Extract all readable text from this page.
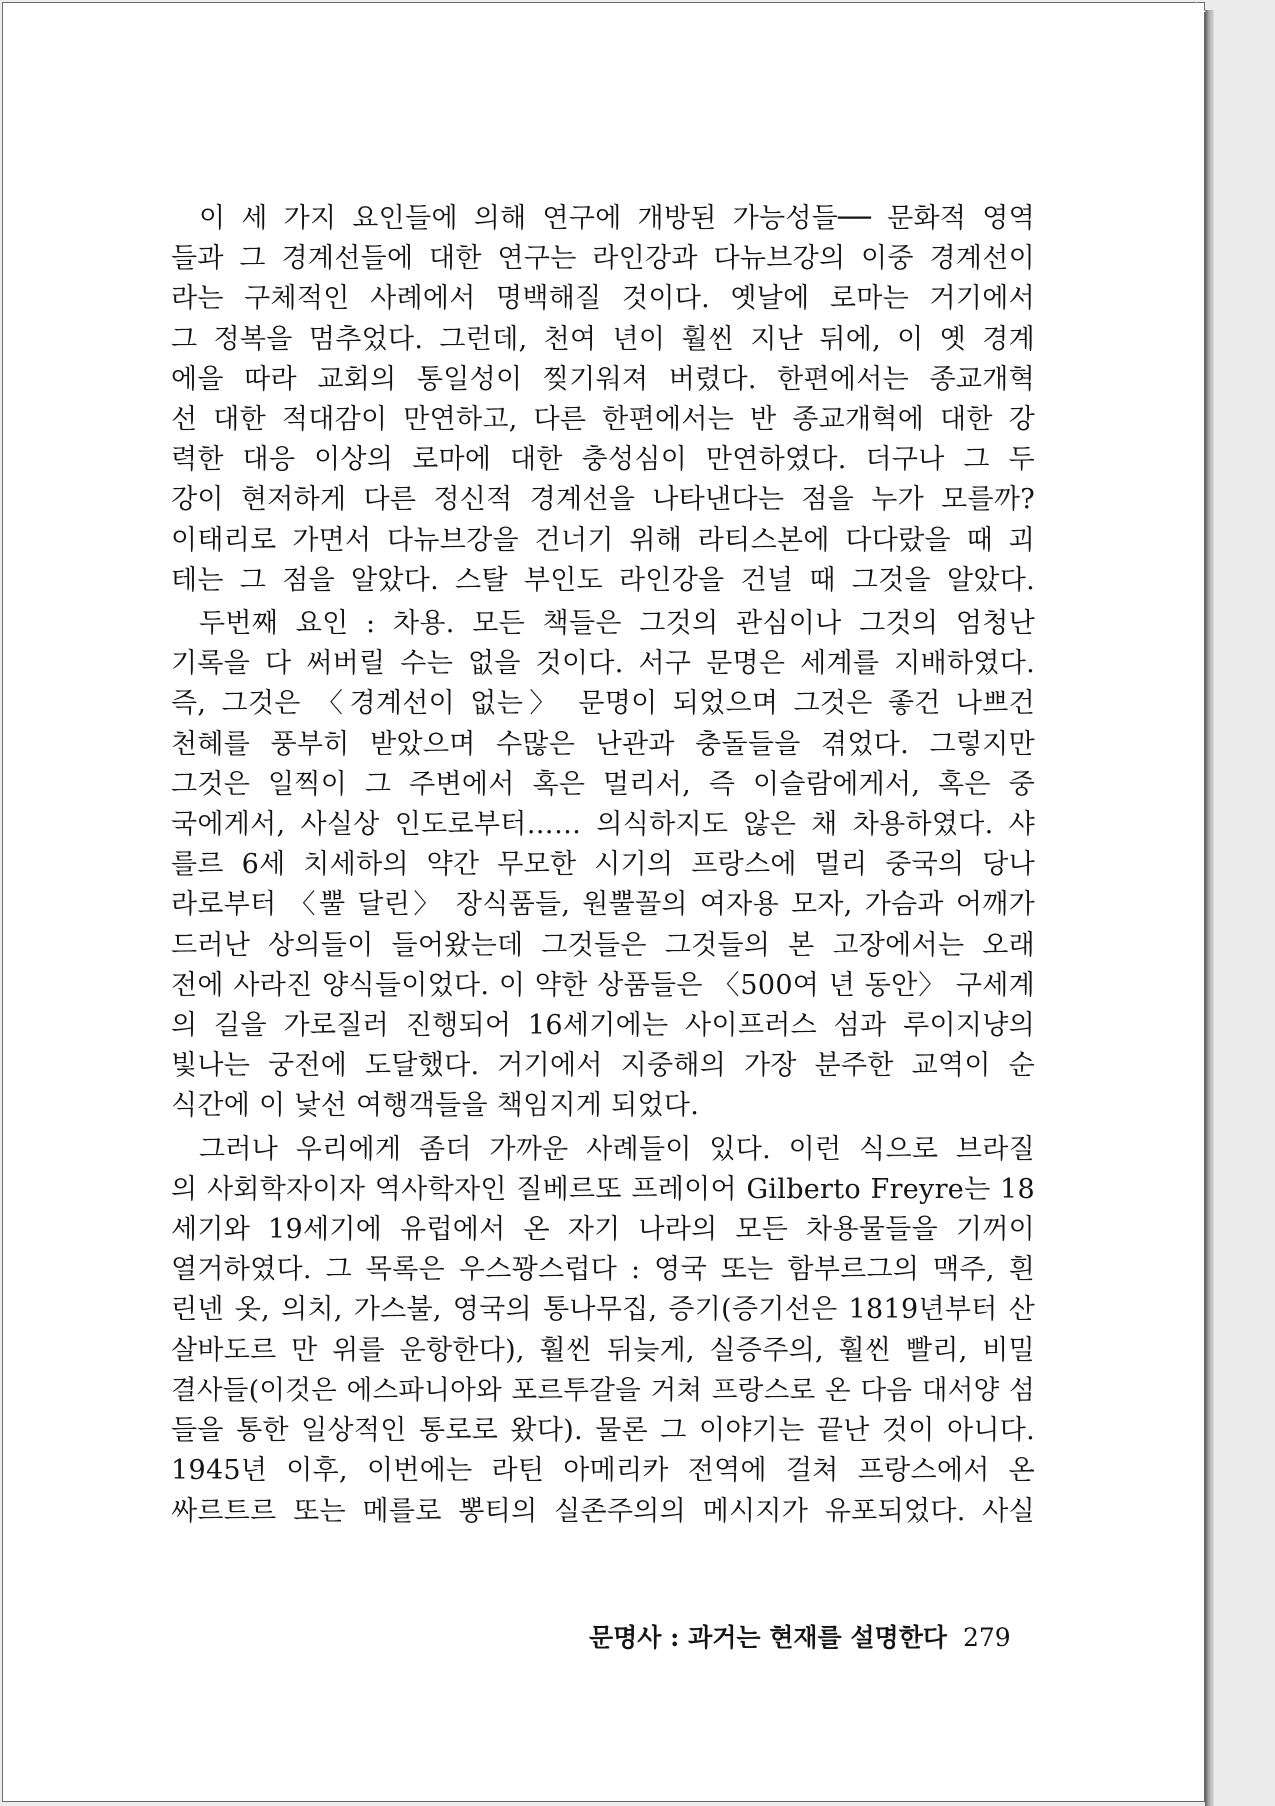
이 세 가지 요인들에 의해 연구에 개방된 가능성들── 문화적 영역
들과 그 경계선들에 대한 연구는 라인강과 다뉴브강의 이중 경계선이
라는 구체적인 사례에서 명백해질 것이다. 옛날에 로마는 거기에서
그 정복을 멈추었다. 그런데, 천여 년이 훨씬 지난 뒤에, 이 옛 경계
에을 따라 교회의 통일성이 찢기워져 버렸다. 한편에서는 종교개혁
선 대한 적대감이 만연하고, 다른 한편에서는 반 종교개혁에 대한 강
력한 대응 이상의 로마에 대한 충성심이 만연하였다. 더구나 그 두
강이 현저하게 다른 정신적 경계선을 나타낸다는 점을 누가 모를까?
이태리로 가면서 다뉴브강을 건너기 위해 라티스본에 다다랐을 때 괴
테는 그 점을 알았다. 스탈 부인도 라인강을 건널 때 그것을 알았다.
두번째 요인 : 차용. 모든 책들은 그것의 관심이나 그것의 엄청난
기록을 다 써버릴 수는 없을 것이다. 서구 문명은 세계를 지배하였다.
즉, 그것은 〈경계선이 없는〉 문명이 되었으며 그것은 좋건 나쁘건
천혜를 풍부히 받았으며 수많은 난관과 충돌들을 겪었다. 그렇지만
그것은 일찍이 그 주변에서 혹은 멀리서, 즉 이슬람에게서, 혹은 중
국에게서, 사실상 인도로부터…… 의식하지도 않은 채 차용하였다. 샤
를르 6세 치세하의 약간 무모한 시기의 프랑스에 멀리 중국의 당나
라로부터 〈뿔 달린〉 장식품들, 원뿔꼴의 여자용 모자, 가슴과 어깨가
드러난 상의들이 들어왔는데 그것들은 그것들의 본 고장에서는 오래
전에 사라진 양식들이었다. 이 약한 상품들은 〈500여 년 동안〉 구세계
의 길을 가로질러 진행되어 16세기에는 사이프러스 섬과 루이지냥의
빛나는 궁전에 도달했다. 거기에서 지중해의 가장 분주한 교역이 순
식간에 이 낯선 여행객들을 책임지게 되었다.
그러나 우리에게 좀더 가까운 사례들이 있다. 이런 식으로 브라질
의 사회학자이자 역사학자인 질베르또 프레이어 Gilberto Freyre는 18
세기와 19세기에 유럽에서 온 자기 나라의 모든 차용물들을 기꺼이
열거하였다. 그 목록은 우스꽝스럽다 : 영국 또는 함부르그의 맥주, 흰
린넨 옷, 의치, 가스불, 영국의 통나무집, 증기(증기선은 1819년부터 산
살바도르 만 위를 운항한다), 훨씬 뒤늦게, 실증주의, 훨씬 빨리, 비밀
결사들(이것은 에스파니아와 포르투갈을 거쳐 프랑스로 온 다음 대서양 섬
들을 통한 일상적인 통로로 왔다). 물론 그 이야기는 끝난 것이 아니다.
1945년 이후, 이번에는 라틴 아메리카 전역에 걸쳐 프랑스에서 온
싸르트르 또는 메를로 뽕티의 실존주의의 메시지가 유포되었다. 사실
문명사 : 과거는 현재를 설명한다 279
